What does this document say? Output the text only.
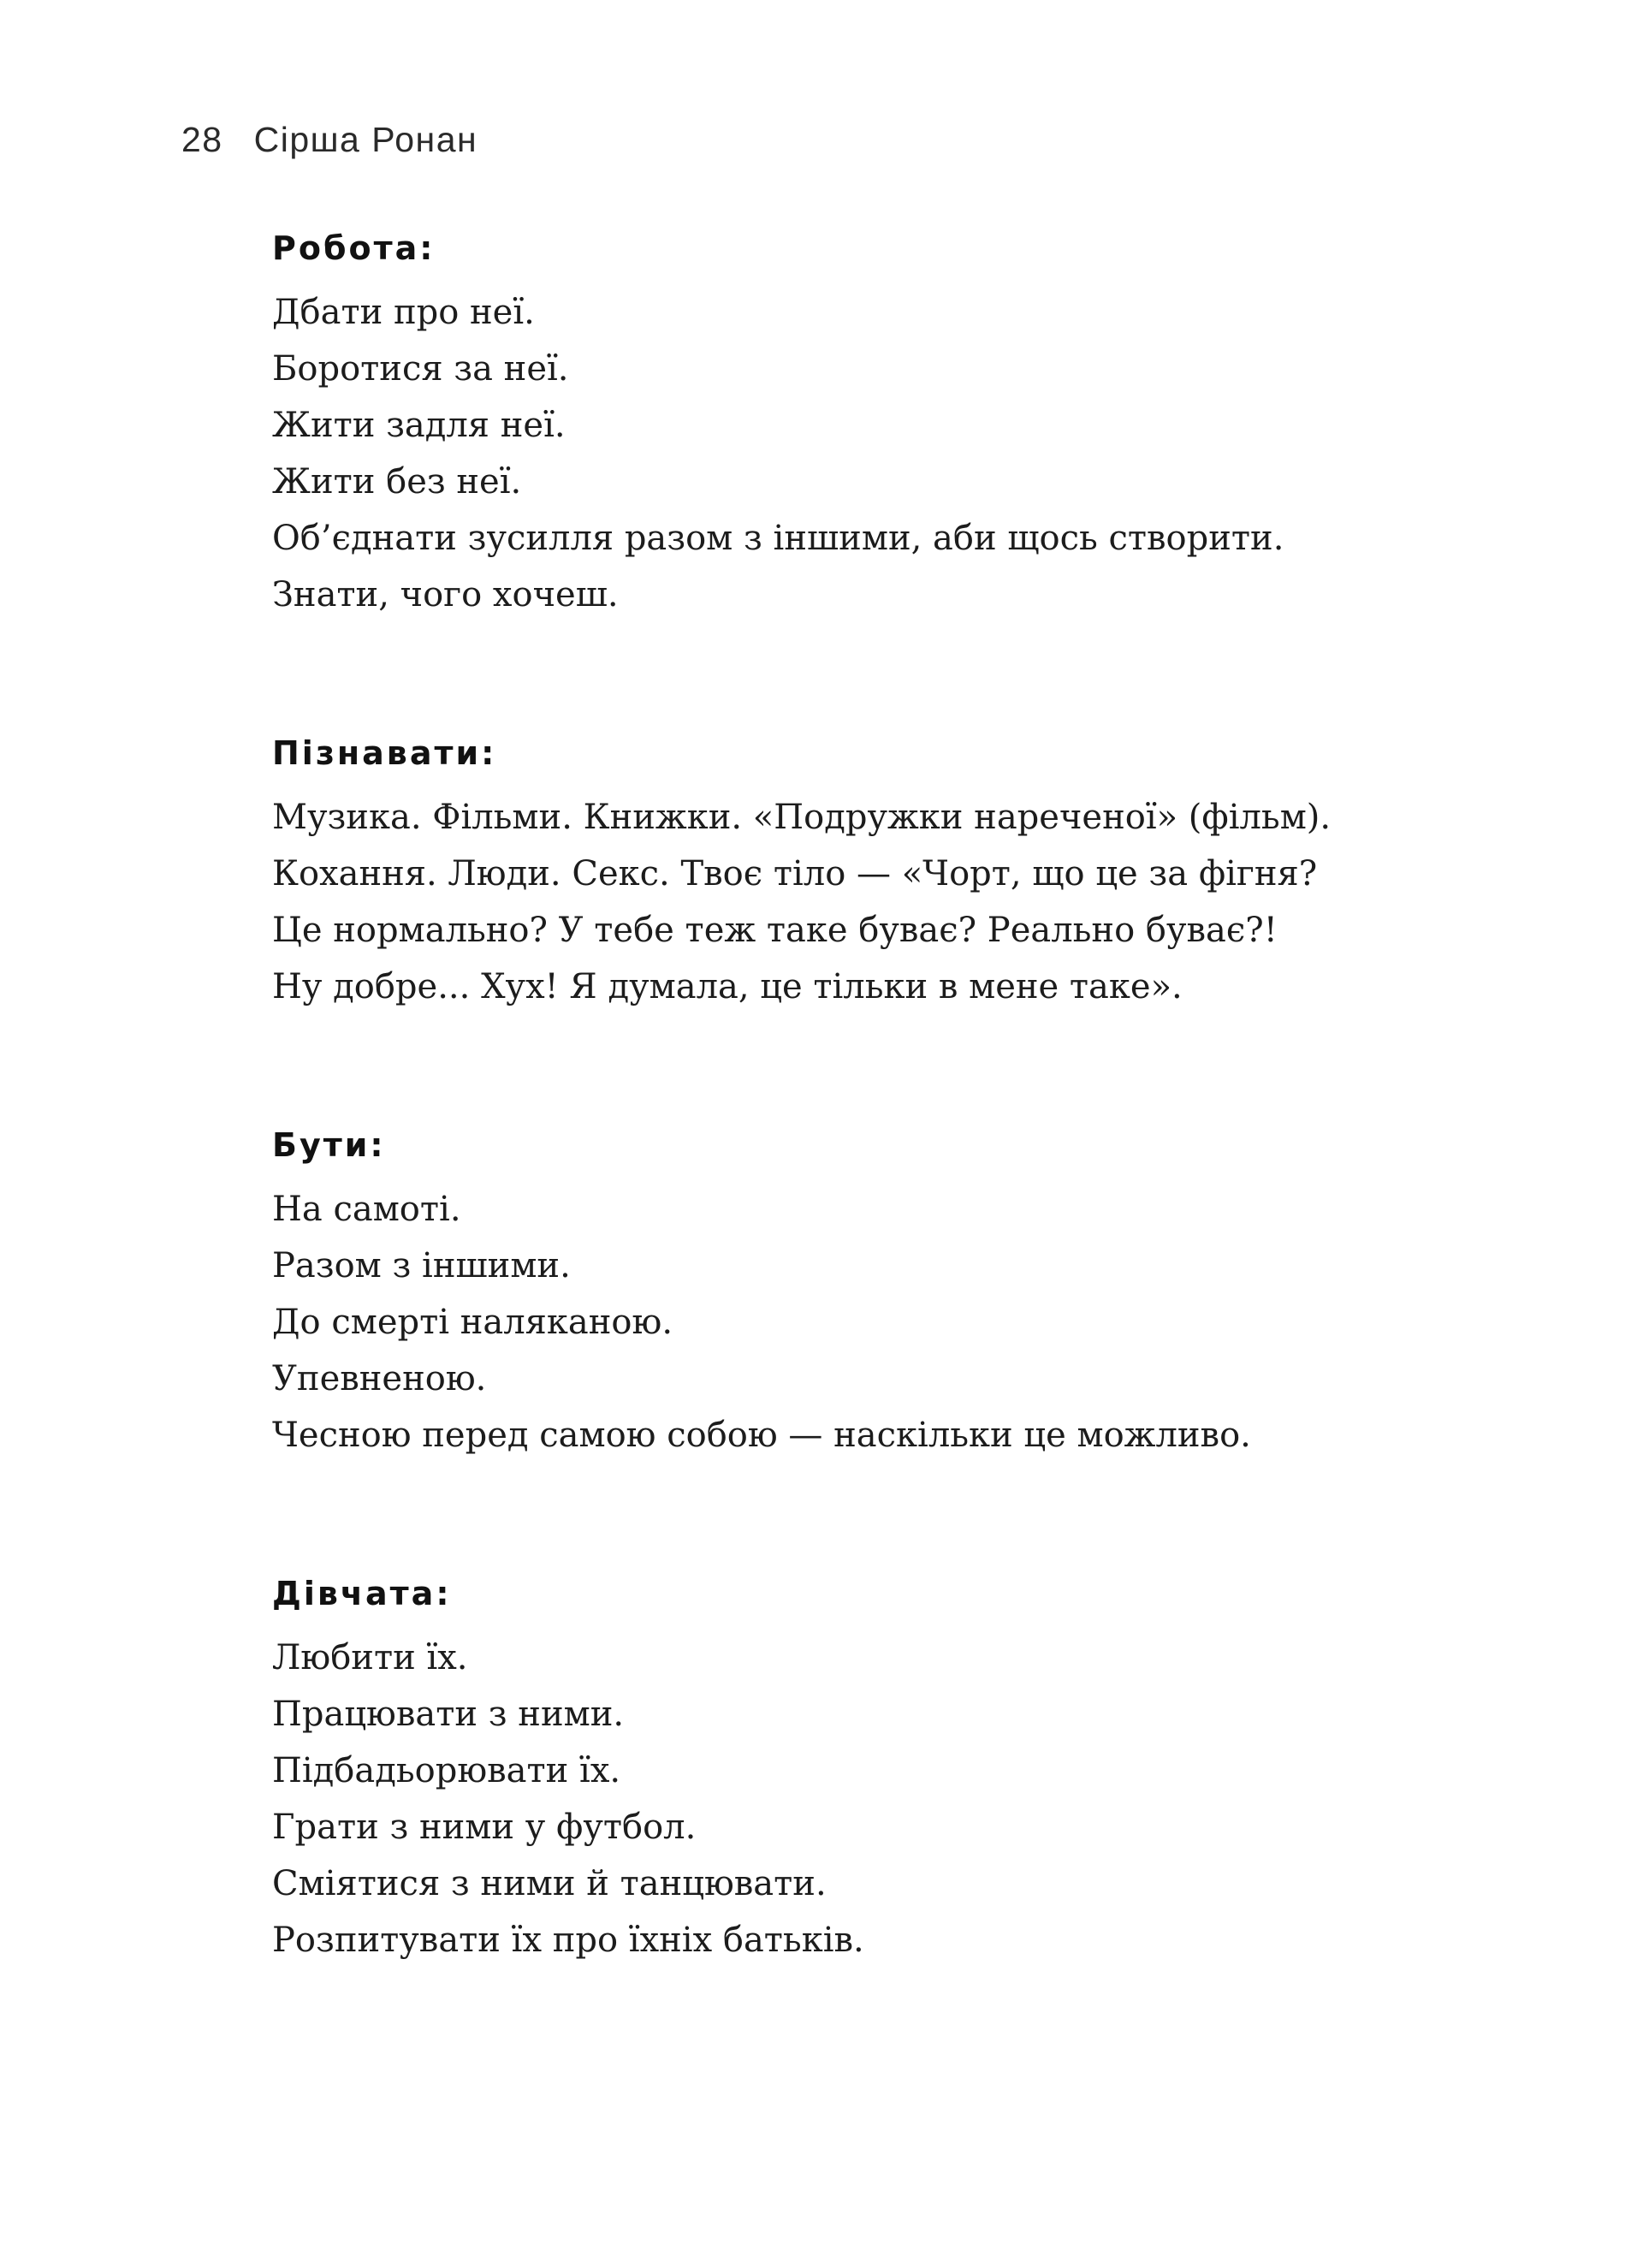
28 Сірша Ронан
Робота:
Дбати про неї.
Боротися за неї.
Жити задля неї.
Жити без неї.
Об’єднати зусилля разом з іншими, аби щось створити.
Знати, чого хочеш.
Пізнавати:
Музика. Фільми. Книжки. «Подружки нареченої» (фільм).
Кохання. Люди. Секс. Твоє тіло — «Чорт, що це за фігня?
Це нормально? У тебе теж таке буває? Реально буває?!
Ну добре... Хух! Я думала, це тільки в мене таке».
Бути:
На самоті.
Разом з іншими.
До смерті наляканою.
Упевненою.
Чесною перед самою собою — наскільки це можливо.
Дівчата:
Любити їх.
Працювати з ними.
Підбадьорювати їх.
Грати з ними у футбол.
Сміятися з ними й танцювати.
Розпитувати їх про їхніх батьків.
